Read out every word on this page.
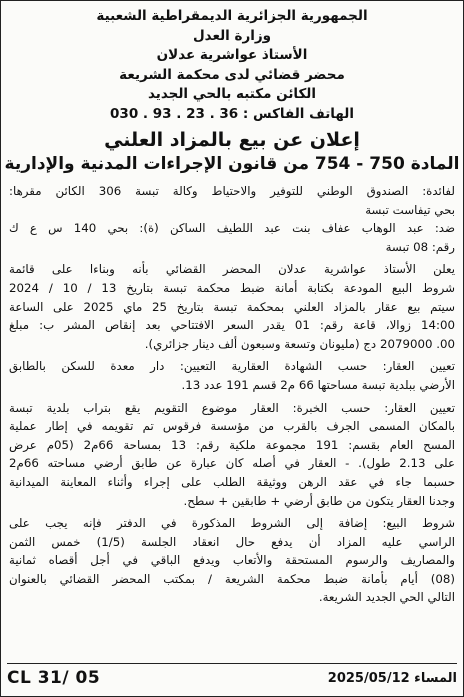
الجمهورية الجزائرية الديمقراطية الشعبية
وزارة العدل
الأستاذ عواشرية عدلان
محضر قضائي لدى محكمة الشريعة
الكائن مكتبه بالحي الجديد
الهاتف الفاكس : 36 . 23 . 93 . 030
إعلان عن بيع بالمزاد العلني
المادة 750 - 754 من قانون الإجراءات المدنية والإدارية
لفائدة: الصندوق الوطني للتوفير والاحتياط وكالة تبسة 306 الكائن مقرها:
بحي تيفاست تبسة
ضد: عبد الوهاب عفاف بنت عبد اللطيف الساكن (ة): بحي 140 س ع ك
رقم: 08 تبسة
يعلن الأستاذ عواشرية عدلان المحضر القضائي بأنه وبناءا على قائمة
شروط البيع المودعة بكتابة أمانة ضبط محكمة تبسة بتاريخ 13 / 10 / 2024
سيتم بيع عقار بالمزاد العلني بمحكمة تبسة بتاريخ 25 ماي 2025 على الساعة
14:00 زوالا، قاعة رقم: 01 يقدر السعر الافتتاحي بعد إنقاص المشر ب: مبلغ
00. 2079000 دج (مليونان وتسعة وسبعون ألف دينار جزائري).
تعيين العقار: حسب الشهادة العقارية التعيين: دار معدة للسكن بالطابق
الأرضي ببلدية تبسة مساحتها 66 م2 قسم 191 عدد 13.
تعيين العقار: حسب الخبرة: العقار موضوع التقويم يقع بتراب بلدية تبسة
بالمكان المسمى الجرف بالقرب من مؤسسة فرقوس تم تقويمه في إطار عملية
المسح العام بقسم: 191 مجموعة ملكية رقم: 13 بمساحة 66م2 (05م عرض
على 2.13 طول). - العقار في أصله كان عبارة عن طابق أرضي مساحته 66م2
حسبما جاء في عقد الرهن ووثيقة الطلب على إجراء وأثناء المعاينة الميدانية
وجدنا العقار يتكون من طابق أرضي + طابقين + سطح.
شروط البيع: إضافة إلى الشروط المذكورة في الدفتر فإنه يجب على
الراسي عليه المزاد أن يدفع حال انعقاد الجلسة (1/5) خمس الثمن
والمصاريف والرسوم المستحقة والأتعاب ويدفع الباقي في أجل أقصاه ثمانية
(08) أيام بأمانة ضبط محكمة الشريعة / بمكتب المحضر القضائي بالعنوان
التالي الحي الجديد الشريعة.
CL 31/ 05	المساء 2025/05/12
